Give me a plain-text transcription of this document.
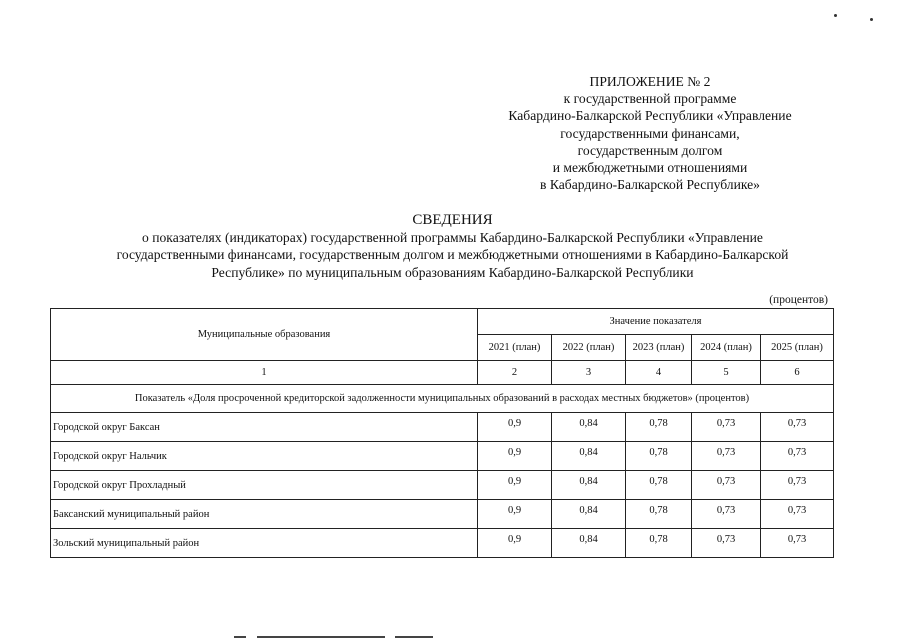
ПРИЛОЖЕНИЕ № 2
к государственной программе
Кабардино-Балкарской Республики «Управление
государственными финансами,
государственным долгом
и межбюджетными отношениями
в Кабардино-Балкарской Республике»
СВЕДЕНИЯ
о показателях (индикаторах) государственной программы Кабардино-Балкарской Республики «Управление
государственными финансами, государственным долгом и межбюджетными отношениями в Кабардино-Балкарской
Республике» по муниципальным образованиям Кабардино-Балкарской Республики
(процентов)
Муниципальные образования	Значение показателя				
	2021 (план)	2022 (план)	2023 (план)	2024 (план)	2025 (план)
1	2	3	4	5	6
Показатель «Доля просроченной кредиторской задолженности муниципальных образований в расходах местных бюджетов» (процентов)					
Городской округ Баксан	0,9	0,84	0,78	0,73	0,73
Городской округ Нальчик	0,9	0,84	0,78	0,73	0,73
Городской округ Прохладный	0,9	0,84	0,78	0,73	0,73
Баксанский муниципальный район	0,9	0,84	0,78	0,73	0,73
Зольский муниципальный район	0,9	0,84	0,78	0,73	0,73
